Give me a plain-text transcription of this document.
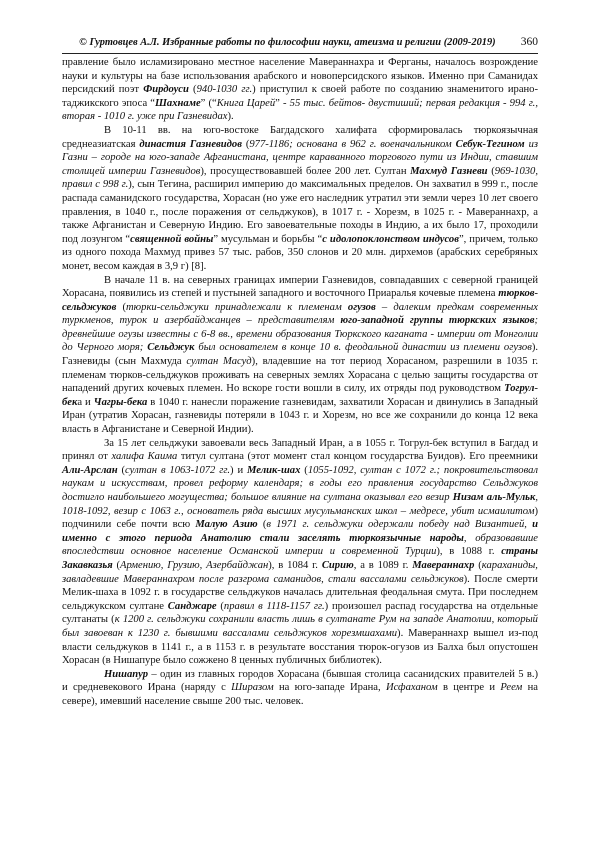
© Гуртовцев А.Л. Избранные работы по философии науки, атеизма и религии (2009-2019)	360

правление было исламизировано местное население Мавераннахра и Ферганы, началось возрождение науки и культуры на базе использования арабского и новоперсидского языков. Именно при Саманидах персидский поэт Фирдоуси (940-1030 гг.) приступил к своей работе по созданию знаменитого ирано-таджикского эпоса “Шахнаме” (“Книга Царей” - 55 тыс. бейтов- двустиший; первая редакция - 994 г., вторая - 1010 г. уже при Газневидах).

В 10-11 вв. на юго-востоке Багдадского халифата сформировалась тюркоязычная среднеазиатская династия Газневидов (977-1186; основана в 962 г. военачальником Себук-Тегином из Газни – городе на юго-западе Афганистана, центре караванного торгового пути из Индии, ставшим столицей империи Газневидов), просуществовавшей более 200 лет. Султан Махмуд Газневи (969-1030, правил с 998 г.), сын Тегина, расширил империю до максимальных пределов. Он захватил в 999 г., после распада саманидского государства, Хорасан (но уже его наследник утратил эти земли через 10 лет своего правления, в 1040 г., после поражения от сельджуков), в 1017 г. - Хорезм, в 1025 г. - Мавераннахр, а также Афганистан и Северную Индию. Его завоевательные походы в Индию, а их было 17, проходили под лозунгом “священной войны” мусульман и борьбы “с идолопоклонством индусов”, причем, только из одного похода Махмуд привез 57 тыс. рабов, 350 слонов и 20 млн. дирхемов (арабских серебряных монет, весом каждая в 3,9 г) [8].

В начале 11 в. на северных границах империи Газневидов, совпадавших с северной границей Хорасана, появились из степей и пустыней западного и восточного Приаралья кочевые племена тюрков-сельджуков (тюрки-сельджуки принадлежали к племенам огузов – далеким предкам современных туркменов, турок и азербайджанцев – представителям юго-западной группы тюркских языков; древнейшие огузы известны с 6-8 вв., времени образования Тюркского каганата - империи от Монголии до Черного моря; Сельджук был основателем в конце 10 в. феодальной династии из племени огузов). Газневиды (сын Махмуда султан Масуд), владевшие на тот период Хорасаном, разрешили в 1035 г. племенам тюрков-сельджуков проживать на северных землях Хорасана с целью защиты государства от нападений других кочевых племен. Но вскоре гости вошли в силу, их отряды под руководством Тогрул-бека и Чагры-бека в 1040 г. нанесли поражение газневидам, захватили Хорасан и двинулись в Западный Иран (утратив Хорасан, газневиды потеряли в 1043 г. и Хорезм, но все же сохранили до конца 12 века власть в Афганистане и Северной Индии).

За 15 лет сельджуки завоевали весь Западный Иран, а в 1055 г. Тогрул-бек вступил в Багдад и принял от халифа Каима титул султана (этот момент стал концом государства Буидов). Его преемники Али-Арслан (султан в 1063-1072 гг.) и Мелик-шах (1055-1092, султан с 1072 г.; покровительствовал наукам и искусствам, провел реформу календаря; в годы его правления государство Сельджуков достигло наибольшего могущества; большое влияние на султана оказывал его везир Низам аль-Мульк, 1018-1092, везир с 1063 г., основатель ряда высших мусульманских школ – медресе, убит исмаилитом) подчинили себе почти всю Малую Азию (в 1971 г. сельджуки одержали победу над Византией, и именно с этого периода Анатолию стали заселять тюркоязычные народы, образовавшие впоследствии основное население Османской империи и современной Турции), в 1088 г. страны Закавказья (Армению, Грузию, Азербайджан), в 1084 г. Сирию, а в 1089 г. Мавераннахр (караханиды, завладевшие Мавераннахром после разгрома саманидов, стали вассалами сельджуков). После смерти Мелик-шаха в 1092 г. в государстве сельджуков началась длительная феодальная смута. При последнем сельджукском султане Санджаре (правил в 1118-1157 гг.) произошел распад государства на отдельные султанаты (к 1200 г. сельджуки сохранили власть лишь в султанате Рум на западе Анатолии, который был завоеван к 1230 г. бывшими вассалами сельджуков хорезмшахами). Мавераннахр вышел из-под власти сельджуков в 1141 г., а в 1153 г. в результате восстания тюрок-огузов из Балха был опустошен Хорасан (в Нишапуре было сожжено 8 ценных публичных библиотек).

Нишапур – один из главных городов Хорасана (бывшая столица сасанидских правителей 5 в.) и средневекового Ирана (наряду с Ширазом на юго-западе Ирана, Исфаханом в центре и Реем на севере), имевший население свыше 200 тыс. человек.
